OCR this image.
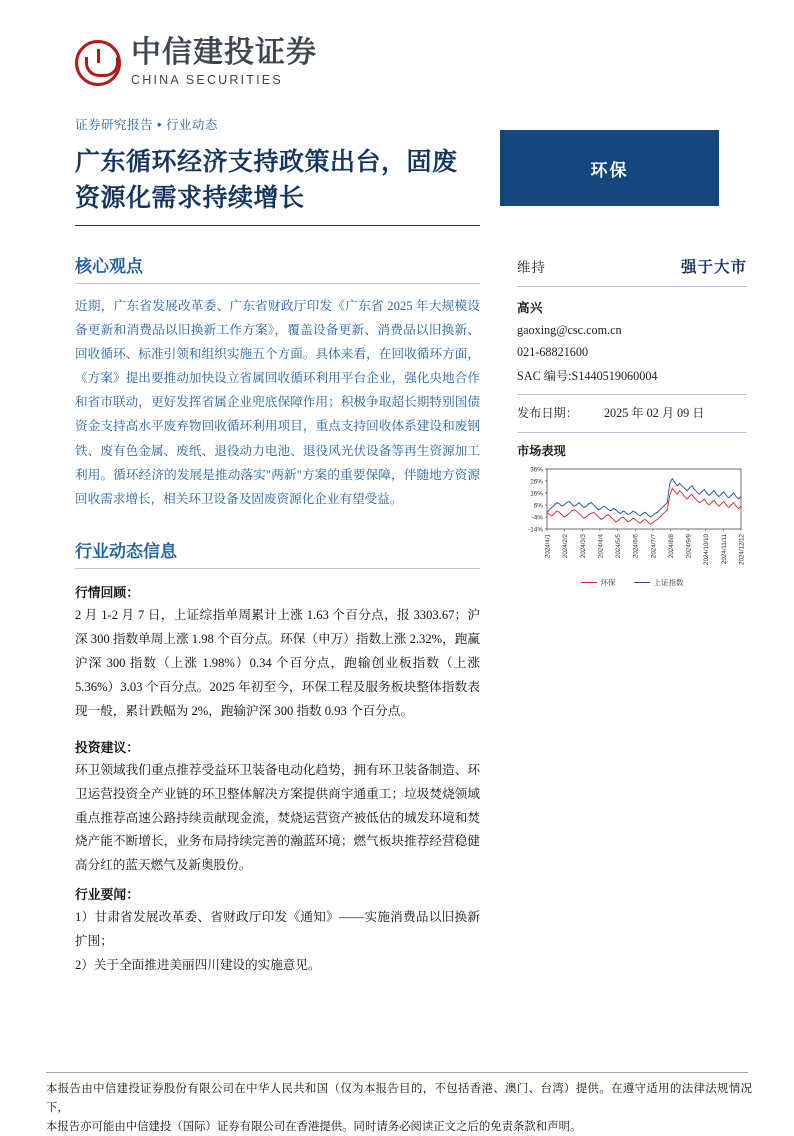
中信建投证券
CHINA SECURITIES
环保
证券研究报告 • 行业动态
广东循环经济支持政策出台，固废资源化需求持续增长
核心观点
近期，广东省发展改革委、广东省财政厅印发《广东省 2025 年大规模设备更新和消费品以旧换新工作方案》，覆盖设备更新、消费品以旧换新、回收循环、标准引领和组织实施五个方面。具体来看，在回收循环方面，《方案》提出要推动加快设立省属回收循环利用平台企业，强化央地合作和省市联动，更好发挥省属企业兜底保障作用；积极争取超长期特别国债资金支持高水平废弃物回收循环利用项目，重点支持回收体系建设和废钢铁、废有色金属、废纸、退役动力电池、退役风光伏设备等再生资源加工利用。循环经济的发展是推动落实"两新"方案的重要保障，伴随地方资源回收需求增长，相关环卫设备及固废资源化企业有望受益。
行业动态信息
行情回顾：

2 月 1-2 月 7 日，上证综指单周累计上涨 1.63 个百分点，报 3303.67；沪深 300 指数单周上涨 1.98 个百分点。环保（申万）指数上涨 2.32%，跑赢沪深 300 指数（上涨 1.98%）0.34 个百分点，跑输创业板指数（上涨 5.36%）3.03 个百分点。2025 年初至今，环保工程及服务板块整体指数表现一般，累计跌幅为 2%，跑输沪深 300 指数 0.93 个百分点。

投资建议：

环卫领域我们重点推荐受益环卫装备电动化趋势，拥有环卫装备制造、环卫运营投资全产业链的环卫整体解决方案提供商宇通重工；垃圾焚烧领域重点推荐高速公路持续贡献现金流，焚烧运营资产被低估的城发环境和焚烧产能不断增长，业务布局持续完善的瀚蓝环境；燃气板块推荐经营稳健高分红的蓝天燃气及新奥股份。

行业要闻：

1）甘肃省发展改革委、省财政厅印发《通知》——实施消费品以旧换新扩围；

2）关于全面推进美丽四川建设的实施意见。

维持	强于大市
高兴
gaoxing@csc.com.cn
021-68821600
SAC 编号:S1440519060004
发布日期： 2025 年 02 月 09 日
市场表现
-14%
-4%
6%
16%
26%
36%
2024/4/1 2024/2/2 2024/3/3 2024/4/4 2024/5/5 2024/6/6 2024/7/7 2024/8/8 2024/9/9 2024/10/10 2024/11/11 2024/12/12
环保	上证指数

本报告由中信建投证券股份有限公司在中华人民共和国（仅为本报告目的，不包括香港、澳门、台湾）提供。在遵守适用的法律法规情况下，

本报告亦可能由中信建投（国际）证券有限公司在香港提供。同时请务必阅读正文之后的免责条款和声明。
